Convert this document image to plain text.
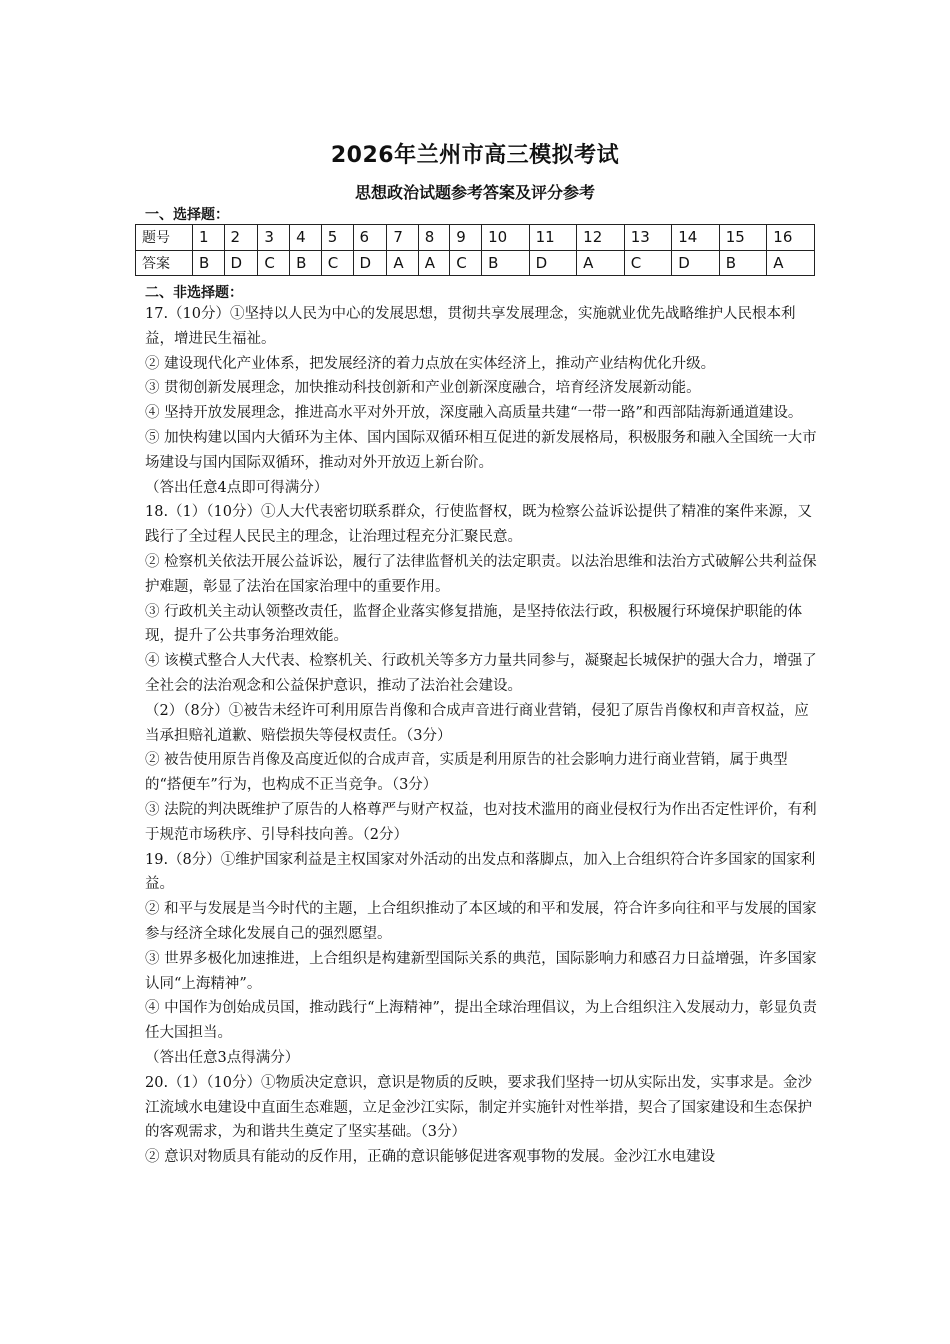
2026年兰州市高三模拟考试
思想政治试题参考答案及评分参考
一、选择题：
题号	1	2	3	4	5	6	7	8	9	10	11	12	13	14	15	16
答案	B	D	C	B	C	D	A	A	C	B	D	A	C	D	B	A
二、非选择题：

17.（10分）①坚持以人民为中心的发展思想，贯彻共享发展理念，实施就业优先战略维护人民根本利益，增进民生福祉。

② 建设现代化产业体系，把发展经济的着力点放在实体经济上，推动产业结构优化升级。

③ 贯彻创新发展理念，加快推动科技创新和产业创新深度融合，培育经济发展新动能。

④ 坚持开放发展理念，推进高水平对外开放，深度融入高质量共建“一带一路”和西部陆海新通道建设。

⑤ 加快构建以国内大循环为主体、国内国际双循环相互促进的新发展格局，积极服务和融入全国统一大市场建设与国内国际双循环，推动对外开放迈上新台阶。

（答出任意4点即可得满分）

18.（1）（10分）①人大代表密切联系群众，行使监督权，既为检察公益诉讼提供了精准的案件来源，又践行了全过程人民民主的理念，让治理过程充分汇聚民意。

② 检察机关依法开展公益诉讼，履行了法律监督机关的法定职责。以法治思维和法治方式破解公共利益保护难题，彰显了法治在国家治理中的重要作用。

③ 行政机关主动认领整改责任，监督企业落实修复措施，是坚持依法行政，积极履行环境保护职能的体现，提升了公共事务治理效能。

④ 该模式整合人大代表、检察机关、行政机关等多方力量共同参与，凝聚起长城保护的强大合力，增强了全社会的法治观念和公益保护意识，推动了法治社会建设。

（2）（8分）①被告未经许可利用原告肖像和合成声音进行商业营销，侵犯了原告肖像权和声音权益，应当承担赔礼道歉、赔偿损失等侵权责任。（3分）

② 被告使用原告肖像及高度近似的合成声音，实质是利用原告的社会影响力进行商业营销，属于典型的“搭便车”行为，也构成不正当竞争。（3分）

③ 法院的判决既维护了原告的人格尊严与财产权益，也对技术滥用的商业侵权行为作出否定性评价，有利于规范市场秩序、引导科技向善。（2分）

19.（8分）①维护国家利益是主权国家对外活动的出发点和落脚点，加入上合组织符合许多国家的国家利益。

② 和平与发展是当今时代的主题，上合组织推动了本区域的和平和发展，符合许多向往和平与发展的国家参与经济全球化发展自己的强烈愿望。

③ 世界多极化加速推进，上合组织是构建新型国际关系的典范，国际影响力和感召力日益增强，许多国家认同“上海精神”。

④ 中国作为创始成员国，推动践行“上海精神”，提出全球治理倡议，为上合组织注入发展动力，彰显负责任大国担当。

（答出任意3点得满分）

20.（1）（10分）①物质决定意识，意识是物质的反映，要求我们坚持一切从实际出发，实事求是。金沙江流域水电建设中直面生态难题，立足金沙江实际，制定并实施针对性举措，契合了国家建设和生态保护的客观需求，为和谐共生奠定了坚实基础。（3分）

② 意识对物质具有能动的反作用，正确的意识能够促进客观事物的发展。金沙江水电建设
